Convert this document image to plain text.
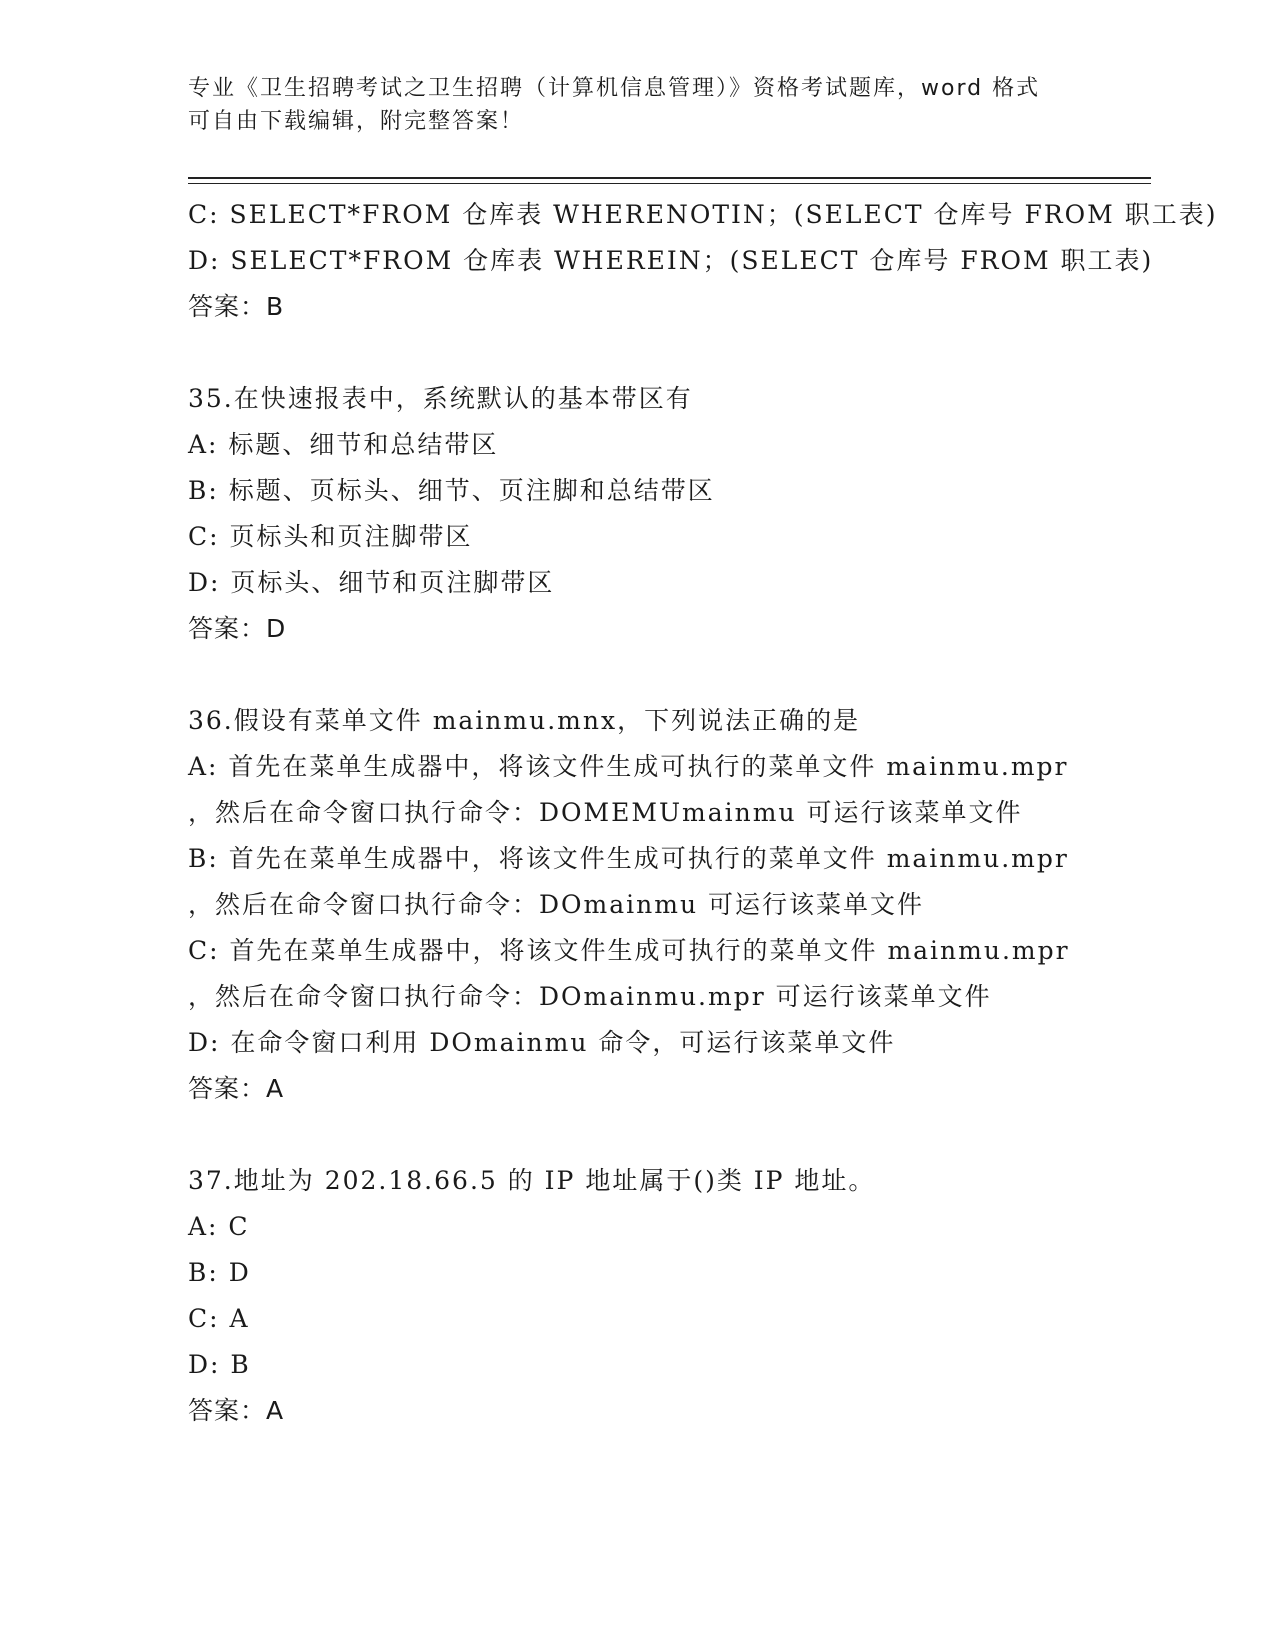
专业《卫生招聘考试之卫生招聘（计算机信息管理）》资格考试题库，word 格式
可自由下载编辑，附完整答案！
C: SELECT*FROM 仓库表 WHERENOTIN；(SELECT 仓库号 FROM 职工表)
D: SELECT*FROM 仓库表 WHEREIN；(SELECT 仓库号 FROM 职工表)
答案：B
35.在快速报表中，系统默认的基本带区有
A: 标题、细节和总结带区
B: 标题、页标头、细节、页注脚和总结带区
C: 页标头和页注脚带区
D: 页标头、细节和页注脚带区
答案：D
36.假设有菜单文件 mainmu.mnx，下列说法正确的是
A: 首先在菜单生成器中，将该文件生成可执行的菜单文件 mainmu.mpr
，然后在命令窗口执行命令：DOMEMUmainmu 可运行该菜单文件
B: 首先在菜单生成器中，将该文件生成可执行的菜单文件 mainmu.mpr
，然后在命令窗口执行命令：DOmainmu 可运行该菜单文件
C: 首先在菜单生成器中，将该文件生成可执行的菜单文件 mainmu.mpr
，然后在命令窗口执行命令：DOmainmu.mpr 可运行该菜单文件
D: 在命令窗口利用 DOmainmu 命令，可运行该菜单文件
答案：A
37.地址为 202.18.66.5 的 IP 地址属于()类 IP 地址。
A: C
B: D
C: A
D: B
答案：A
